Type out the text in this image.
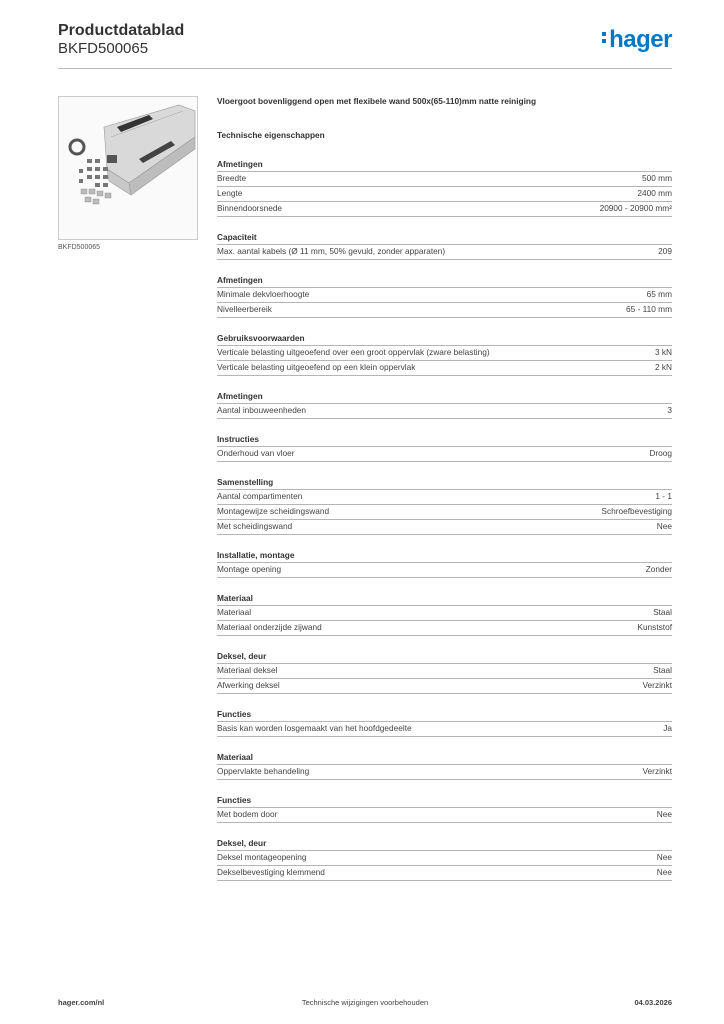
Productdatablad
BKFD500065	hager
BKFD500065
Vloergoot bovenliggend open met flexibele wand 500x(65-110)mm natte reiniging
Technische eigenschappen
Afmetingen
Breedte	500 mm
Lengte	2400 mm
Binnendoorsnede	20900 - 20900 mm²
Capaciteit
Max. aantal kabels (Ø 11 mm, 50% gevuld, zonder apparaten)	209
Afmetingen
Minimale dekvloerhoogte	65 mm
Nivelleerbereik	65 - 110 mm
Gebruiksvoorwaarden
Verticale belasting uitgeoefend over een groot oppervlak (zware belasting)	3 kN
Verticale belasting uitgeoefend op een klein oppervlak	2 kN
Afmetingen
Aantal inbouweenheden	3
Instructies
Onderhoud van vloer	Droog
Samenstelling
Aantal compartimenten	1 - 1
Montagewijze scheidingswand	Schroefbevestiging
Met scheidingswand	Nee
Installatie, montage
Montage opening	Zonder
Materiaal
Materiaal	Staal
Materiaal onderzijde zijwand	Kunststof
Deksel, deur
Materiaal deksel	Staal
Afwerking deksel	Verzinkt
Functies
Basis kan worden losgemaakt van het hoofdgedeelte	Ja
Materiaal
Oppervlakte behandeling	Verzinkt
Functies
Met bodem door	Nee
Deksel, deur
Deksel montageopening	Nee
Dekselbevestiging klemmend	Nee
hager.com/nl	Technische wijzigingen voorbehouden	04.03.2026
